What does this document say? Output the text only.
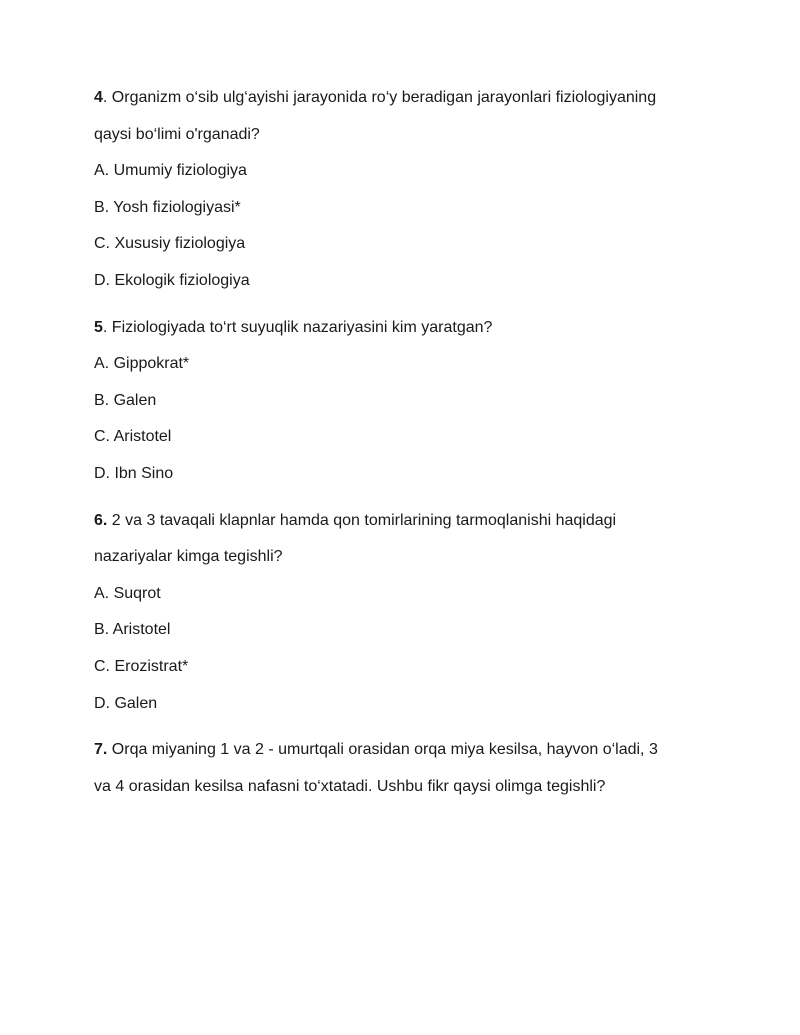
4. Organizm o‘sib ulg‘ayishi jarayonida ro‘y beradigan jarayonlari fiziologiyaning

qaysi bo‘limi o'rganadi?

A. Umumiy fiziologiya

B. Yosh fiziologiyasi*

C. Xususiy fiziologiya

D. Ekologik fiziologiya

5. Fiziologiyada to‘rt suyuqlik nazariyasini kim yaratgan?

A. Gippokrat*

B. Galen

C. Aristotel

D. Ibn Sino

6. 2 va 3 tavaqali klapnlar hamda qon tomirlarining tarmoqlanishi haqidagi

nazariyalar kimga tegishli?

A. Suqrot

B. Aristotel

C. Erozistrat*

D. Galen

7. Orqa miyaning 1 va 2 - umurtqali orasidan orqa miya kesilsa, hayvon o‘ladi, 3

va 4 orasidan kesilsa nafasni to‘xtatadi. Ushbu fikr qaysi olimga tegishli?
